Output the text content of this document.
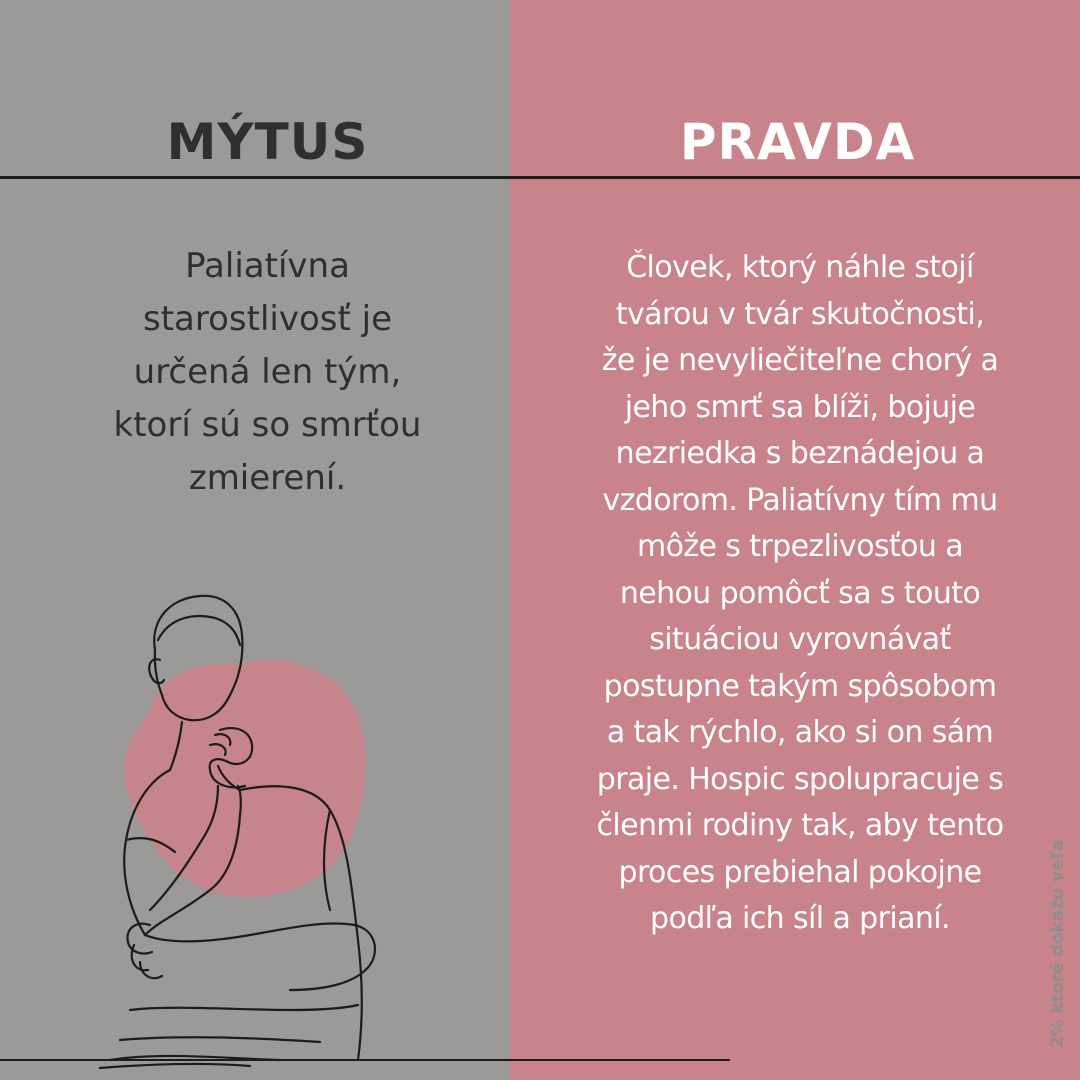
MÝTUS	PRAVDA

Paliatívna
starostlivosť je
určená len tým,
ktorí sú so smrťou
zmierení.

Človek, ktorý náhle stojí
tvárou v tvár skutočnosti,
že je nevyliečiteľne chorý a
jeho smrť sa blíži, bojuje
nezriedka s beznádejou a
vzdorom. Paliatívny tím mu
môže s trpezlivosťou a
nehou pomôcť sa s touto
situáciou vyrovnávať
postupne takým spôsobom
a tak rýchlo, ako si on sám
praje. Hospic spolupracuje s
členmi rodiny tak, aby tento
proces prebiehal pokojne
podľa ich síl a prianí.	2% ktoré dokážu veľa
